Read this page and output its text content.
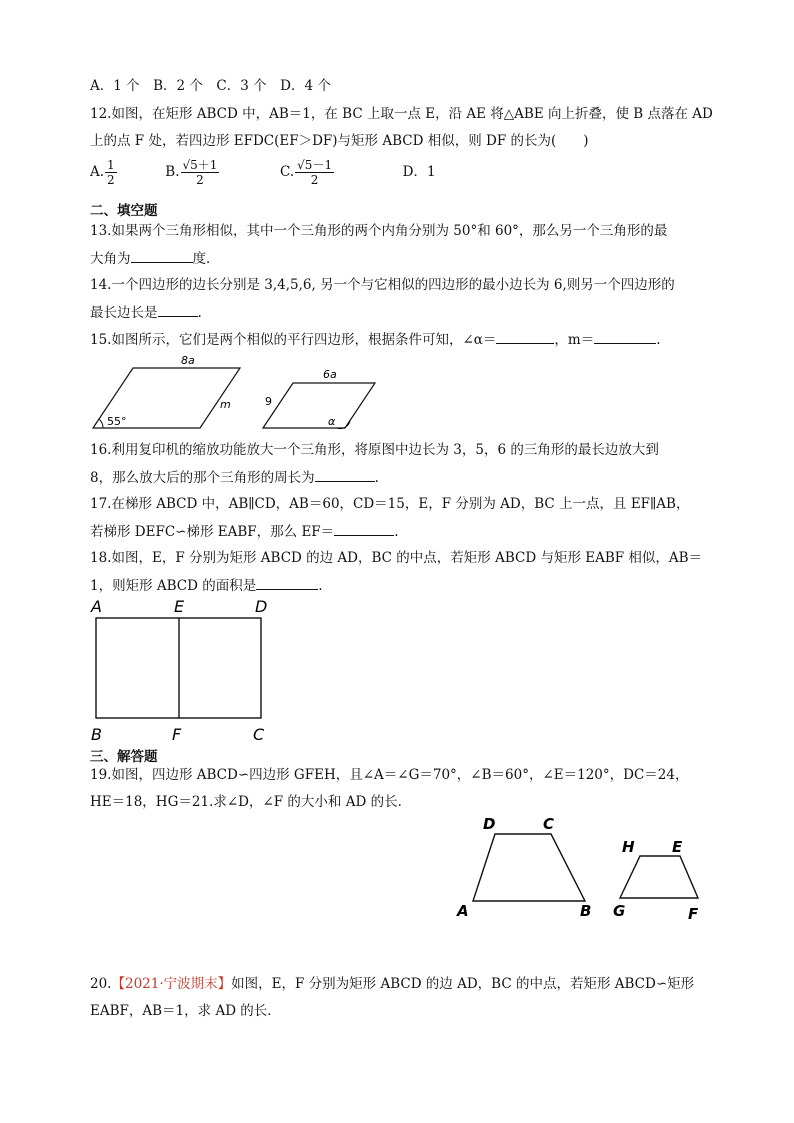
A．1 个　B．2 个　C．3 个　D．4 个
12.如图，在矩形 ABCD 中，AB＝1，在 BC 上取一点 E，沿 AE 将△ABE 向上折叠，使 B 点落在 AD
上的点 F 处，若四边形 EFDC(EF＞DF)与矩形 ABCD 相似，则 DF 的长为(　　)
A. $\frac{1}{2}$	B. $\frac{√5+1}{2}$	C. $\frac{√5-1}{2}$	D．1
二、填空题
13.如果两个三角形相似，其中一个三角形的两个内角分别为 50°和 60°，那么另一个三角形的最
大角为	度．
14.一个四边形的边长分别是 3,4,5,6, 另一个与它相似的四边形的最小边长为 6,则另一个四边形的
最长边长是	.
15.如图所示，它们是两个相似的平行四边形，根据条件可知，∠α＝	，m＝	.
8a
m
55°
6a
9
α
16.利用复印机的缩放功能放大一个三角形，将原图中边长为 3，5，6 的三角形的最长边放大到
8，那么放大后的那个三角形的周长为	.
17.在梯形 ABCD 中，AB∥CD，AB＝60，CD＝15，E，F 分别为 AD，BC 上一点，且 EF∥AB，
若梯形 DEFC∽梯形 EABF，那么 EF＝	.
18.如图，E，F 分别为矩形 ABCD 的边 AD，BC 的中点，若矩形 ABCD 与矩形 EABF 相似，AB＝
1，则矩形 ABCD 的面积是	.
A	E	D
B	F	C
三、解答题
19.如图，四边形 ABCD∽四边形 GFEH，且∠A＝∠G＝70°，∠B＝60°，∠E＝120°，DC＝24，
HE＝18，HG＝21.求∠D，∠F 的大小和 AD 的长．
D	C
A	B
H E
G	F
20.【2021·宁波期末】如图，E，F 分别为矩形 ABCD 的边 AD，BC 的中点，若矩形 ABCD∽矩形
EABF，AB＝1，求 AD 的长．
